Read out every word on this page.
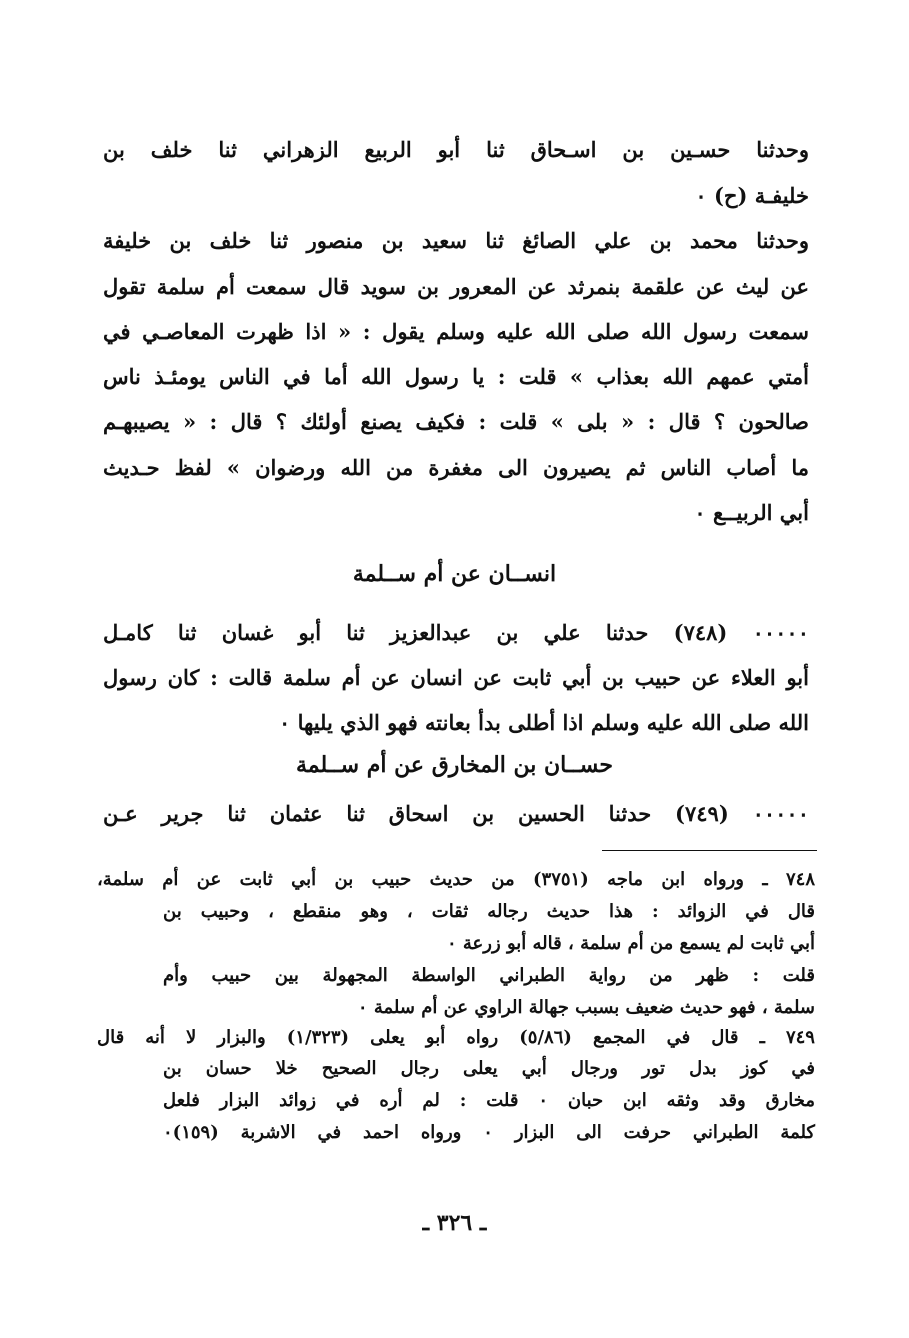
وحدثنا حسـين بن اسـحاق ثنا أبو الربيع الزهراني ثنا خلف بن
خليفـة (ح) ٠
وحدثنا محمد بن علي الصائغ ثنا سعيد بن منصور ثنا خلف بن خليفة
عن ليث عن علقمة بنمرثد عن المعرور بن سويد قال سمعت أم سلمة تقول
سمعت رسول الله صلى الله عليه وسلم يقول : « اذا ظهرت المعاصـي في
أمتي عمهم الله بعذاب » قلت : يا رسول الله أما في الناس يومئـذ ناس
صالحون ؟ قال : « بلى » قلت : فكيف يصنع أولئك ؟ قال : « يصيبهـم
ما أصاب الناس ثم يصيرون الى مغفرة من الله ورضوان » لفظ حـديث
أبي الربيــع ٠
انســان عن أم ســلمة
٠٠٠٠٠ (٧٤٨) حدثنا علي بن عبدالعزيز ثنا أبو غسان ثنا كامـل
أبو العلاء عن حبيب بن أبي ثابت عن انسان عن أم سلمة قالت : كان رسول
الله صلى الله عليه وسلم اذا أطلى بدأ بعانته فهو الذي يليها ٠
حســان بن المخارق عن أم ســلمة
٠٠٠٠٠ (٧٤٩) حدثنا الحسين بن اسحاق ثنا عثمان ثنا جرير عـن
٧٤٨ ـ ورواه ابن ماجه (٣٧٥١) من حديث حبيب بن أبي ثابت عن أم سلمة،
قال في الزوائد : هذا حديث رجاله ثقات ، وهو منقطع ، وحبيب بن
أبي ثابت لم يسمع من أم سلمة ، قاله أبو زرعة ٠
قلت : ظهر من رواية الطبراني الواسطة المجهولة بين حبيب وأم
سلمة ، فهو حديث ضعيف بسبب جهالة الراوي عن أم سلمة ٠
٧٤٩ ـ قال في المجمع (٥/٨٦) رواه أبو يعلى (١/٣٢٣) والبزار لا أنه قال
في كوز بدل تور ورجال أبي يعلى رجال الصحيح خلا حسان بن
مخارق وقد وثقه ابن حبان ٠ قلت : لم أره في زوائد البزار فلعل
كلمة الطبراني حرفت الى البزار ٠ ورواه احمد في الاشربة (١٥٩)٠
ـ ٣٢٦ ـ
